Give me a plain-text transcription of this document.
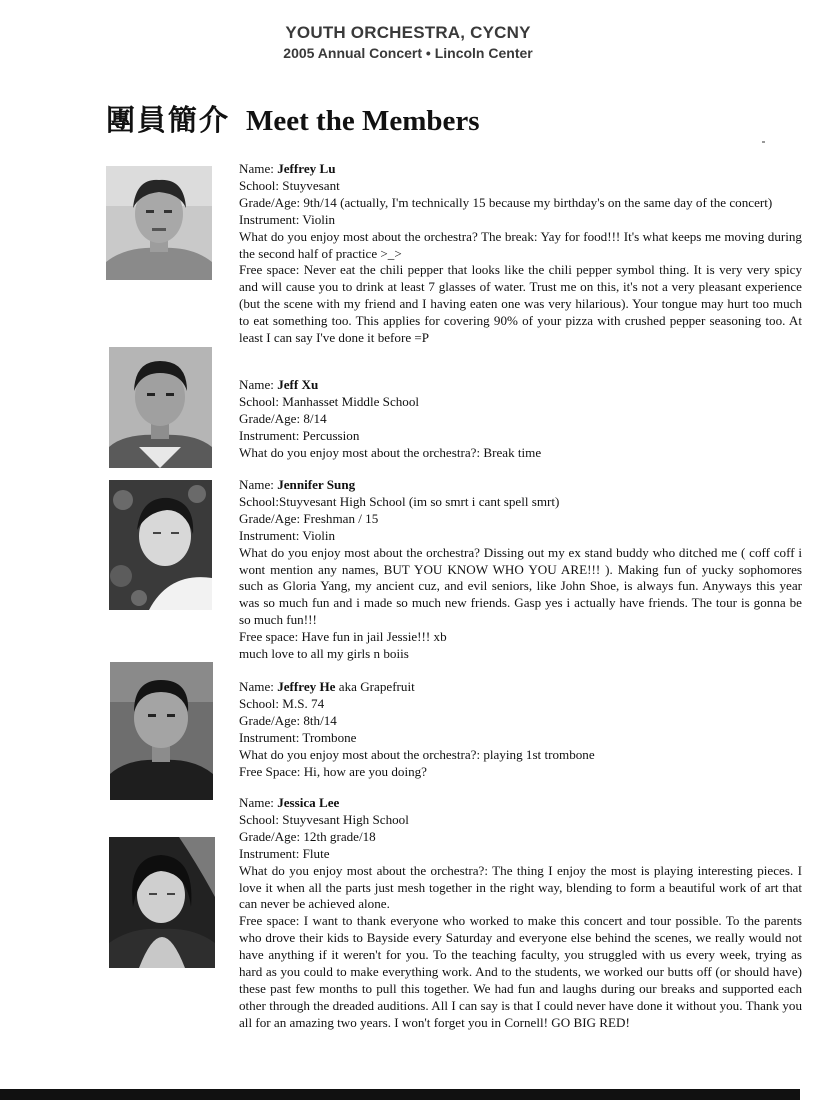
YOUTH ORCHESTRA, CYCNY
2005 Annual Concert • Lincoln Center
團員簡介 Meet the Members

Name: Jeffrey Lu

School: Stuyvesant

Grade/Age: 9th/14 (actually, I'm technically 15 because my birthday's on the same day of the concert)

Instrument: Violin

What do you enjoy most about the orchestra? The break: Yay for food!!! It's what keeps me moving during the second half of practice >_>

Free space: Never eat the chili pepper that looks like the chili pepper symbol thing. It is very very spicy and will cause you to drink at least 7 glasses of water. Trust me on this, it's not a very pleasant experience (but the scene with my friend and I having eaten one was very hilarious). Your tongue may hurt too much to eat something too. This applies for covering 90% of your pizza with crushed pepper seasoning too. At least I can say I've done it before =P

Name: Jeff Xu

School: Manhasset Middle School

Grade/Age: 8/14

Instrument: Percussion

What do you enjoy most about the orchestra?: Break time

Name: Jennifer Sung

School:Stuyvesant High School (im so smrt i cant spell smrt)

Grade/Age: Freshman / 15

Instrument: Violin

What do you enjoy most about the orchestra? Dissing out my ex stand buddy who ditched me ( coff coff i wont mention any names, BUT YOU KNOW WHO YOU ARE!!! ). Making fun of yucky sophomores such as Gloria Yang, my ancient cuz, and evil seniors, like John Shoe, is always fun. Anyways this year was so much fun and i made so much new friends. Gasp yes i actually have friends. The tour is gonna be so much fun!!!

Free space: Have fun in jail Jessie!!! xb

much love to all my girls n boiis

Name: Jeffrey He aka Grapefruit

School: M.S. 74

Grade/Age: 8th/14

Instrument: Trombone

What do you enjoy most about the orchestra?: playing 1st trombone

Free Space: Hi, how are you doing?

Name: Jessica Lee

School: Stuyvesant High School

Grade/Age: 12th grade/18

Instrument: Flute

What do you enjoy most about the orchestra?: The thing I enjoy the most is playing interesting pieces. I love it when all the parts just mesh together in the right way, blending to form a beautiful work of art that can never be achieved alone.

Free space: I want to thank everyone who worked to make this concert and tour possible. To the parents who drove their kids to Bayside every Saturday and everyone else behind the scenes, we really would not have anything if it weren't for you. To the teaching faculty, you struggled with us every week, trying as hard as you could to make everything work. And to the students, we worked our butts off (or should have) these past few months to pull this together. We had fun and laughs during our breaks and supported each other through the dreaded auditions. All I can say is that I could never have done it without you. Thank you all for an amazing two years. I won't forget you in Cornell! GO BIG RED!
